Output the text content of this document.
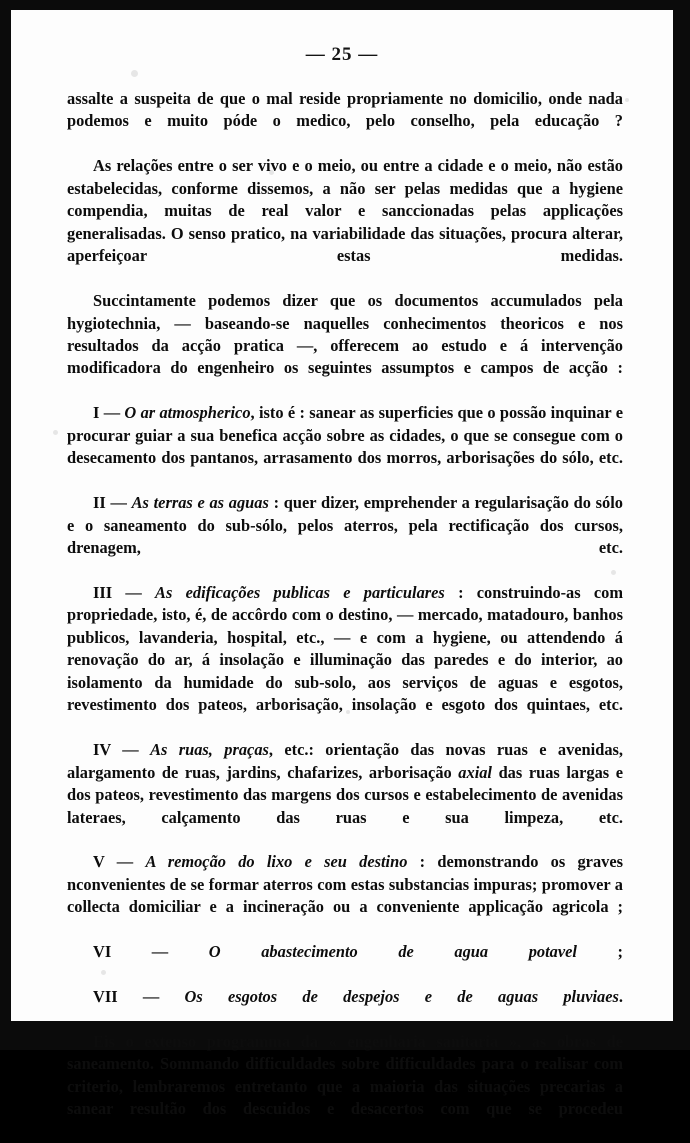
— 25 —

assalte a suspeita de que o mal reside propriamente no domicilio, onde nada podemos e muito póde o medico, pelo conselho, pela educação ?

As relações entre o ser vivo e o meio, ou entre a cidade e o meio, não estão estabelecidas, conforme dissemos, a não ser pelas medidas que a hygiene compendia, muitas de real valor e sanccionadas pelas applicações generalisadas. O senso pratico, na variabilidade das situações, procura alterar, aperfeiçoar estas medidas.

Succintamente podemos dizer que os documentos accumulados pela hygiotechnia, — baseando-se naquelles conhecimentos theoricos e nos resultados da acção pratica —, offerecem ao estudo e á intervenção modificadora do engenheiro os seguintes assumptos e campos de acção :

I — O ar atmospherico, isto é : sanear as superficies que o possão inquinar e procurar guiar a sua benefica acção sobre as cidades, o que se consegue com o desecamento dos pantanos, arrasamento dos morros, arborisações do sólo, etc.

II — As terras e as aguas : quer dizer, emprehender a regularisação do sólo e o saneamento do sub-sólo, pelos aterros, pela rectificação dos cursos, drenagem, etc.

III — As edificações publicas e particulares : construindo-as com propriedade, isto, é, de accôrdo com o destino, — mercado, matadouro, banhos publicos, lavanderia, hospital, etc., — e com a hygiene, ou attendendo á renovação do ar, á insolação e illuminação das paredes e do interior, ao isolamento da humidade do sub-solo, aos serviços de aguas e esgotos, revestimento dos pateos, arborisação, insolação e esgoto dos quintaes, etc.

IV — As ruas, praças, etc.: orientação das novas ruas e avenidas, alargamento de ruas, jardins, chafarizes, arborisação axial das ruas largas e dos pateos, revestimento das margens dos cursos e estabelecimento de avenidas lateraes, calçamento das ruas e sua limpeza, etc.

V — A remoção do lixo e seu destino : demonstrando os graves nconvenientes de se formar aterros com estas substancias impuras; promover a collecta domiciliar e a incineração ou a conveniente applicação agricola ;

VI — O abastecimento de agua potavel ;

VII — Os esgotos de despejos e de aguas pluviaes.

Eis o extenso programma da « engenharia sanitaria », as obras de saneamento. Sommando difficuldades sobre difficuldades para o realisar com criterio, lembraremos entretanto que a maioria das situações precarias a sanear resultão dos descuidos e desacertos com que se procedeu
